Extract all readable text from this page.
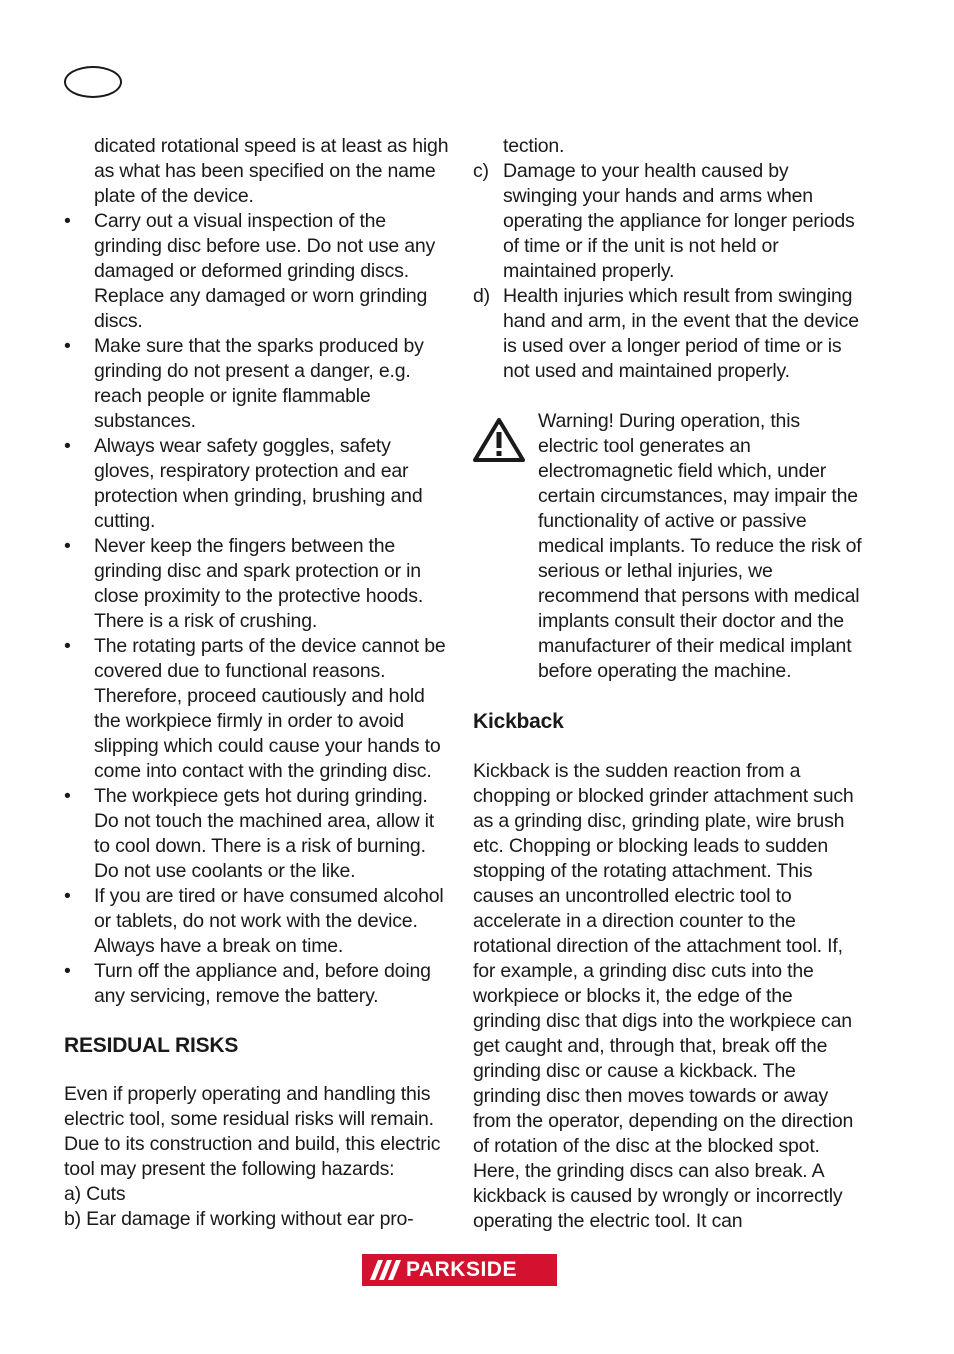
dicated rotational speed is at least as high as what has been specified on the name plate of the device.

• Carry out a visual inspection of the grinding disc before use. Do not use any damaged or deformed grinding discs. Replace any damaged or worn grinding discs.
• Make sure that the sparks produced by grinding do not present a danger, e.g. reach people or ignite flammable substances.
• Always wear safety goggles, safety gloves, respiratory protection and ear protection when grinding, brushing and cutting.
• Never keep the fingers between the grinding disc and spark protection or in close proximity to the protective hoods. There is a risk of crushing.
• The rotating parts of the device cannot be covered due to functional reasons. Therefore, proceed cautiously and hold the workpiece firmly in order to avoid slipping which could cause your hands to come into contact with the grinding disc.
• The workpiece gets hot during grinding. Do not touch the machined area, allow it to cool down. There is a risk of burning. Do not use coolants or the like.
• If you are tired or have consumed alcohol or tablets, do not work with the device. Always have a break on time.
• Turn off the appliance and, before doing any servicing, remove the battery.
RESIDUAL RISKS

Even if properly operating and handling this electric tool, some residual risks will remain. Due to its construction and build, this electric tool may present the following hazards:

a) Cuts

b) Ear damage if working without ear pro-

tection.

c) Damage to your health caused by swinging your hands and arms when operating the appliance for longer periods of time or if the unit is not held or maintained properly.
d) Health injuries which result from swinging hand and arm, in the event that the device is used over a longer period of time or is not used and maintained properly.

Warning! During operation, this electric tool generates an electromagnetic field which, under certain circumstances, may impair the functionality of active or passive medical implants. To reduce the risk of serious or lethal injuries, we recommend that persons with medical implants consult their doctor and the manufacturer of their medical implant before operating the machine.

Kickback

Kickback is the sudden reaction from a chopping or blocked grinder attachment such as a grinding disc, grinding plate, wire brush etc. Chopping or blocking leads to sudden stopping of the rotating attachment. This causes an uncontrolled electric tool to accelerate in a direction counter to the rotational direction of the attachment tool. If, for example, a grinding disc cuts into the workpiece or blocks it, the edge of the grinding disc that digs into the workpiece can get caught and, through that, break off the grinding disc or cause a kickback. The grinding disc then moves towards or away from the operator, depending on the direction of rotation of the disc at the blocked spot. Here, the grinding discs can also break. A kickback is caused by wrongly or incorrectly operating the electric tool. It can

PARKSIDE
